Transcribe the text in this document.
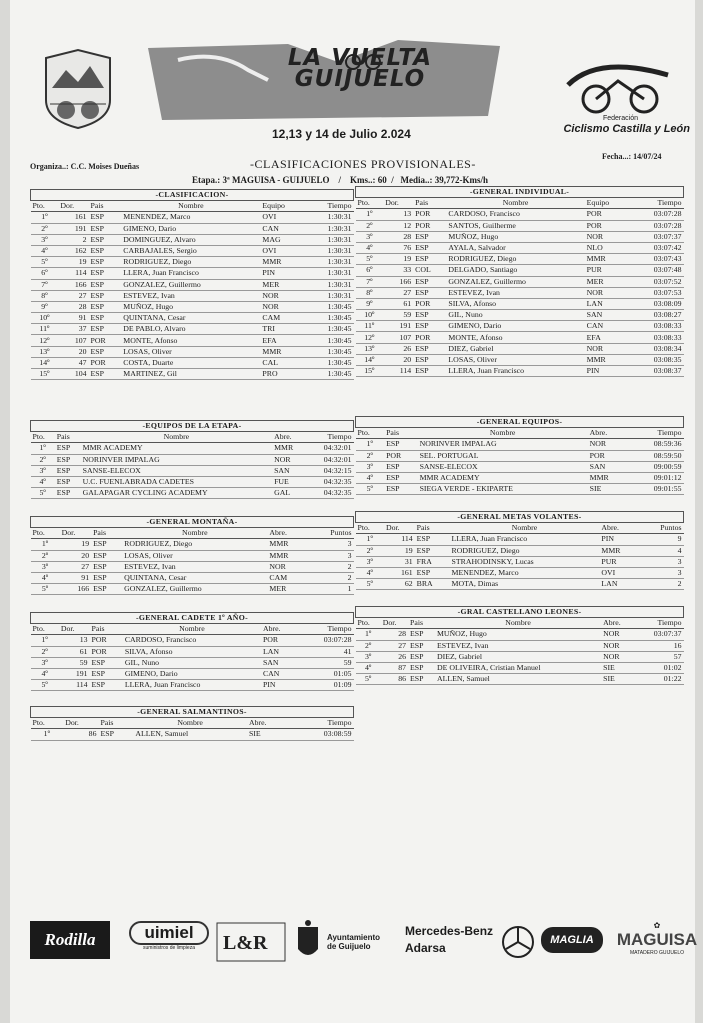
LA VUELTA
GUIJUELO
12,13 y 14 de Julio 2.024
Federación
Ciclismo Castilla y León
Organiza..: C.C. Moises Dueñas	-CLASIFICACIONES PROVISIONALES-
Fecha...: 14/07/24
Etapa.: 3ª MAGUISA - GUIJUELO / Kms..: 60 / Media..: 39,772-Kms/h
-CLASIFICACION-					
Pto.	Dor.	Pais	Nombre	Equipo	Tiempo
1º	161	ESP	MENENDEZ, Marco	OVI	1:30:31
2º	191	ESP	GIMENO, Dario	CAN	1:30:31
3º	2	ESP	DOMINGUEZ, Alvaro	MAG	1:30:31
4º	162	ESP	CARBAJALES, Sergio	OVI	1:30:31
5º	19	ESP	RODRIGUEZ, Diego	MMR	1:30:31
6º	114	ESP	LLERA, Juan Francisco	PIN	1:30:31
7º	166	ESP	GONZALEZ, Guillermo	MER	1:30:31
8º	27	ESP	ESTEVEZ, Ivan	NOR	1:30:31
9º	28	ESP	MUÑOZ, Hugo	NOR	1:30:45
10º	91	ESP	QUINTANA, Cesar	CAM	1:30:45
11º	37	ESP	DE PABLO, Alvaro	TRI	1:30:45
12º	107	POR	MONTE, Afonso	EFA	1:30:45
13º	20	ESP	LOSAS, Oliver	MMR	1:30:45
14º	47	POR	COSTA, Duarte	CAL	1:30:45
15º	104	ESP	MARTINEZ, Gil	PRO	1:30:45
-EQUIPOS DE LA ETAPA-				
Pto.	Pais	Nombre	Abre.	Tiempo
1º	ESP	MMR ACADEMY	MMR	04:32:01
2º	ESP	NORINVER IMPALAG	NOR	04:32:01
3º	ESP	SANSE-ELECOX	SAN	04:32:15
4º	ESP	U.C. FUENLABRADA CADETES	FUE	04:32:35
5º	ESP	GALAPAGAR CYCLING ACADEMY	GAL	04:32:35
-GENERAL MONTAÑA-					
Pto.	Dor.	Pais	Nombre	Abre.	Puntos
1º	19	ESP	RODRIGUEZ, Diego	MMR	3
2º	20	ESP	LOSAS, Oliver	MMR	3
3º	27	ESP	ESTEVEZ, Ivan	NOR	2
4º	91	ESP	QUINTANA, Cesar	CAM	2
5º	166	ESP	GONZALEZ, Guillermo	MER	1
-GENERAL CADETE 1º AÑO-					
Pto.	Dor.	Pais	Nombre	Abre.	Tiempo
1º	13	POR	CARDOSO, Francisco	POR	03:07:28
2º	61	POR	SILVA, Afonso	LAN	41
3º	59	ESP	GIL, Nuno	SAN	59
4º	191	ESP	GIMENO, Dario	CAN	01:05
5º	114	ESP	LLERA, Juan Francisco	PIN	01:09
-GENERAL SALMANTINOS-					
Pto.	Dor.	Pais	Nombre	Abre.	Tiempo
1º	86	ESP	ALLEN, Samuel	SIE	03:08:59
-GENERAL INDIVIDUAL-					
Pto.	Dor.	Pais	Nombre	Equipo	Tiempo
1º	13	POR	CARDOSO, Francisco	POR	03:07:28
2º	12	POR	SANTOS, Guilherme	POR	03:07:28
3º	28	ESP	MUÑOZ, Hugo	NOR	03:07:37
4º	76	ESP	AYALA, Salvador	NLO	03:07:42
5º	19	ESP	RODRIGUEZ, Diego	MMR	03:07:43
6º	33	COL	DELGADO, Santiago	PUR	03:07:48
7º	166	ESP	GONZALEZ, Guillermo	MER	03:07:52
8º	27	ESP	ESTEVEZ, Ivan	NOR	03:07:53
9º	61	POR	SILVA, Afonso	LAN	03:08:09
10º	59	ESP	GIL, Nuno	SAN	03:08:27
11º	191	ESP	GIMENO, Dario	CAN	03:08:33
12º	107	POR	MONTE, Afonso	EFA	03:08:33
13º	26	ESP	DIEZ, Gabriel	NOR	03:08:34
14º	20	ESP	LOSAS, Oliver	MMR	03:08:35
15º	114	ESP	LLERA, Juan Francisco	PIN	03:08:37
-GENERAL EQUIPOS-				
Pto.	Pais	Nombre	Abre.	Tiempo
1º	ESP	NORINVER IMPALAG	NOR	08:59:36
2º	POR	SEL. PORTUGAL	POR	08:59:50
3º	ESP	SANSE-ELECOX	SAN	09:00:59
4º	ESP	MMR ACADEMY	MMR	09:01:12
5º	ESP	SIEGA VERDE - EKIPARTE	SIE	09:01:55
-GENERAL METAS VOLANTES-					
Pto.	Dor.	Pais	Nombre	Abre.	Puntos
1º	114	ESP	LLERA, Juan Francisco	PIN	9
2º	19	ESP	RODRIGUEZ, Diego	MMR	4
3º	31	FRA	STRAHODINSKY, Lucas	PUR	3
4º	161	ESP	MENENDEZ, Marco	OVI	3
5º	62	BRA	MOTA, Dimas	LAN	2
-GRAL CASTELLANO LEONES-					
Pto.	Dor.	Pais	Nombre	Abre.	Tiempo
1º	28	ESP	MUÑOZ, Hugo	NOR	03:07:37
2º	27	ESP	ESTEVEZ, Ivan	NOR	16
3º	26	ESP	DIEZ, Gabriel	NOR	57
4º	87	ESP	DE OLIVEIRA, Cristian Manuel	SIE	01:02
5º	86	ESP	ALLEN, Samuel	SIE	01:22
Rodilla	uimiel
suministros de limpieza	L&R	Ayuntamiento
de Guijuelo
Mercedes-Benz
Adarsa
MAGLIA
✿
MAGUISA
MATADERO GUIJUELO
